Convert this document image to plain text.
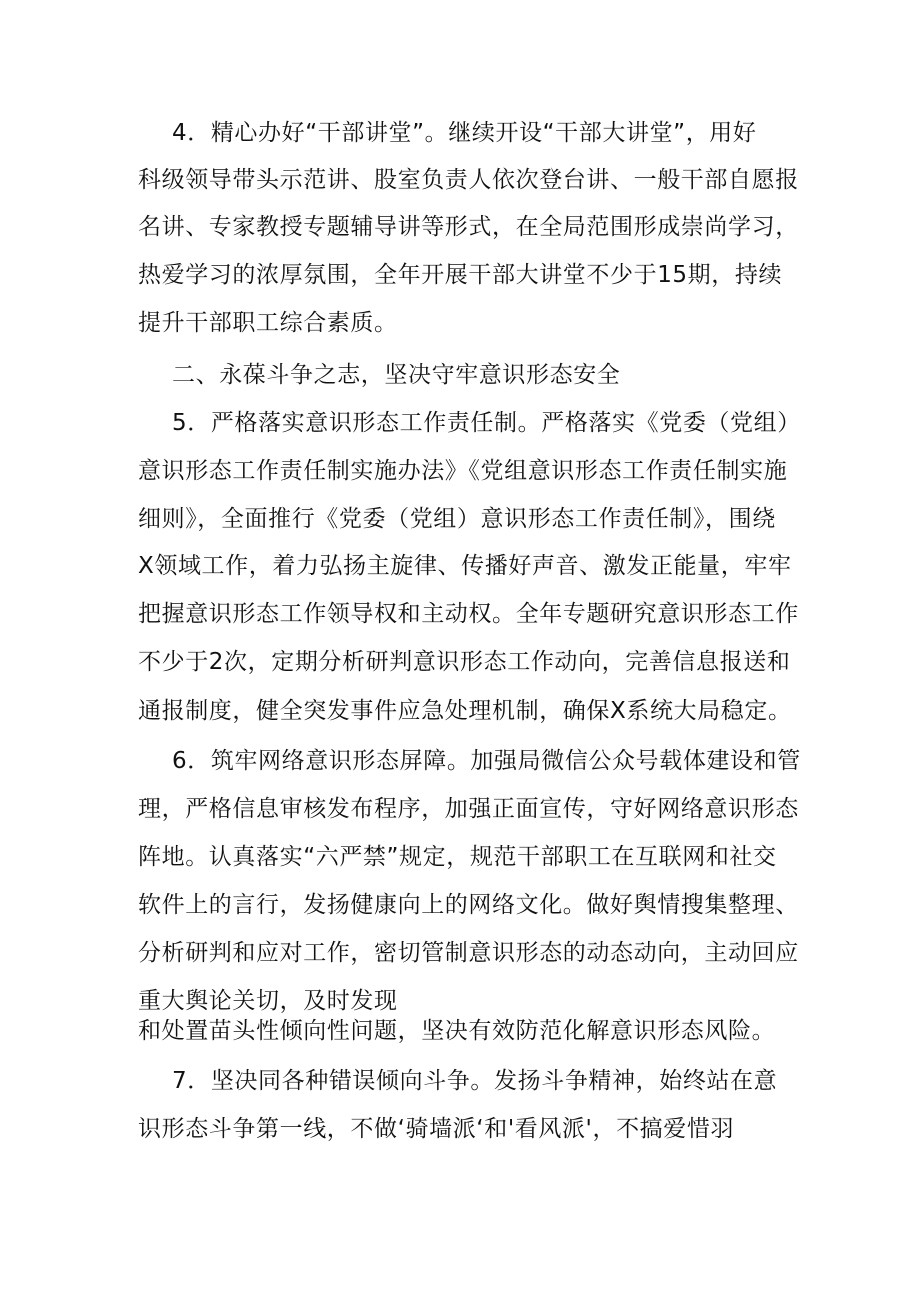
4．精心办好“干部讲堂”。继续开设“干部大讲堂”，用好
科级领导带头示范讲、股室负责人依次登台讲、一般干部自愿报
名讲、专家教授专题辅导讲等形式，在全局范围形成崇尚学习，
热爱学习的浓厚氛围，全年开展干部大讲堂不少于15期，持续
提升干部职工综合素质。
二、永葆斗争之志，坚决守牢意识形态安全
5．严格落实意识形态工作责任制。严格落实《党委（党组）
意识形态工作责任制实施办法》《党组意识形态工作责任制实施
细则》，全面推行《党委（党组）意识形态工作责任制》，围绕
X领域工作，着力弘扬主旋律、传播好声音、激发正能量，牢牢
把握意识形态工作领导权和主动权。全年专题研究意识形态工作
不少于2次，定期分析研判意识形态工作动向，完善信息报送和
通报制度，健全突发事件应急处理机制，确保X系统大局稳定。
6．筑牢网络意识形态屏障。加强局微信公众号载体建设和管
理，严格信息审核发布程序，加强正面宣传，守好网络意识形态
阵地。认真落实“六严禁”规定，规范干部职工在互联网和社交
软件上的言行，发扬健康向上的网络文化。做好舆情搜集整理、
分析研判和应对工作，密切管制意识形态的动态动向，主动回应
重大舆论关切，及时发现
和处置苗头性倾向性问题，坚决有效防范化解意识形态风险。
7．坚决同各种错误倾向斗争。发扬斗争精神，始终站在意
识形态斗争第一线，不做‘骑墙派‘和'看风派'，不搞爱惜羽
